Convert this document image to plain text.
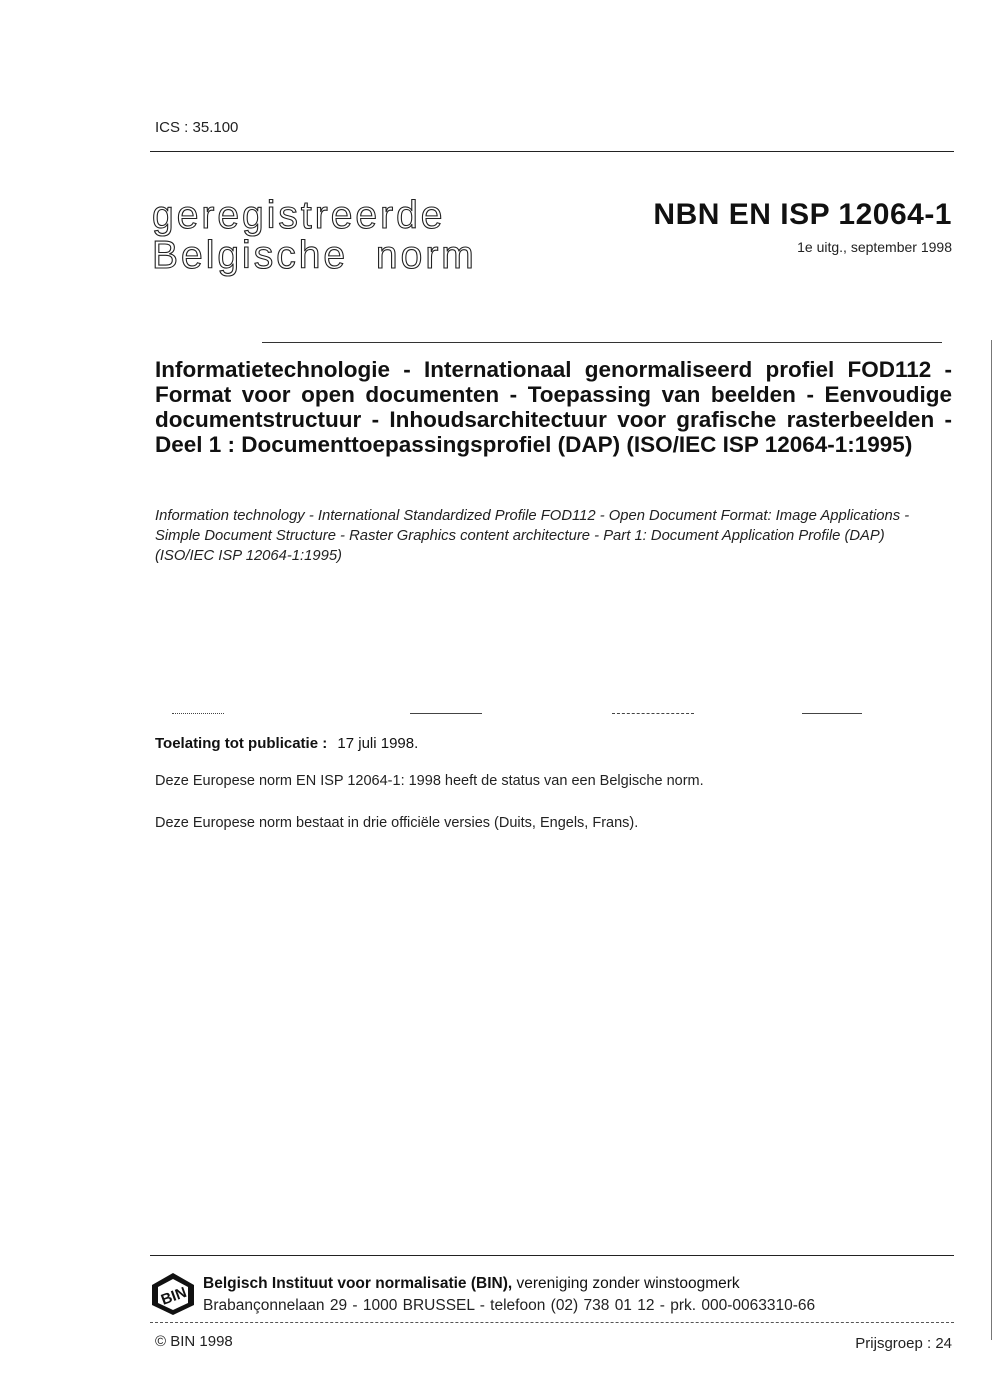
ICS : 35.100
geregistreerde
Belgische norm
NBN EN ISP 12064-1
1e uitg., september 1998
Informatietechnologie - Internationaal genormaliseerd profiel FOD112 - Format voor open documenten - Toepassing van beelden - Eenvoudige documentstructuur - Inhoudsarchitectuur voor grafische rasterbeelden - Deel 1 : Documenttoepassingsprofiel (DAP) (ISO/IEC ISP 12064-1:1995)
Information technology - International Standardized Profile FOD112 - Open Document Format: Image Applications - Simple Document Structure - Raster Graphics content architecture - Part 1: Document Application Profile (DAP) (ISO/IEC ISP 12064-1:1995)
Toelating tot publicatie : 17 juli 1998.
Deze Europese norm EN ISP 12064-1: 1998 heeft de status van een Belgische norm.
Deze Europese norm bestaat in drie officiële versies (Duits, Engels, Frans).
BIN
Belgisch Instituut voor normalisatie (BIN), vereniging zonder winstoogmerk
Brabançonnelaan 29 - 1000 BRUSSEL - telefoon (02) 738 01 12 - prk. 000-0063310-66
© BIN 1998	Prijsgroep : 24
